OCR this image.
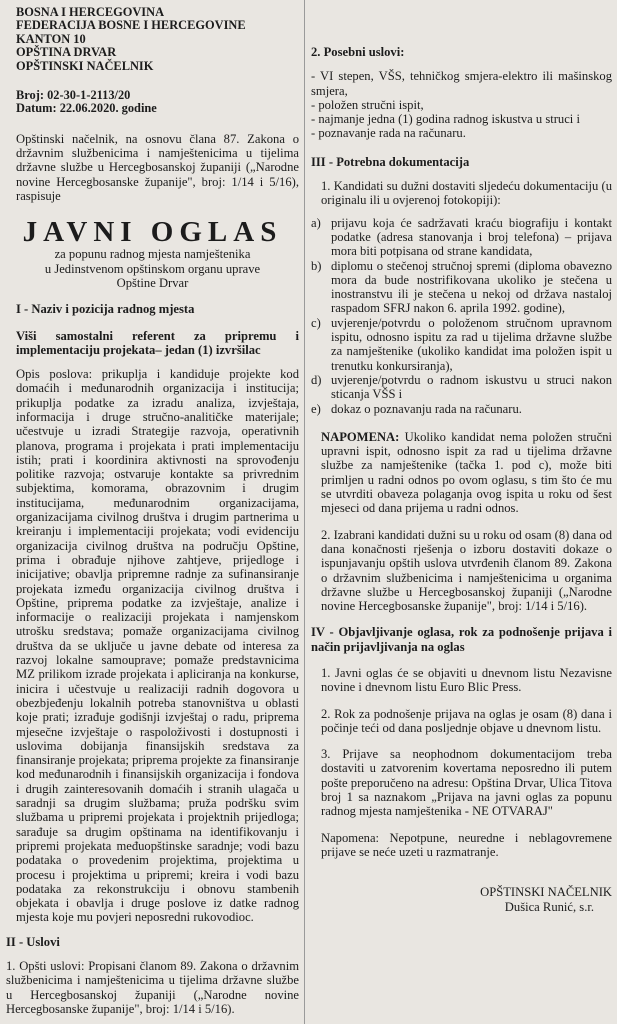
BOSNA I HERCEGOVINA
FEDERACIJA BOSNE I HERCEGOVINE
KANTON 10
OPŠTINA DRVAR
OPŠTINSKI NAČELNIK
Broj: 02-30-1-2113/20
Datum: 22.06.2020. godine

Opštinski načelnik, na osnovu člana 87. Zakona o državnim službenicima i namještenicima u tijelima državne službe u Hercegbosanskoj županiji („Narodne novine Hercegbosanske županije", broj: 1/14 i 5/16), raspisuje

JAVNI OGLAS
za popunu radnog mjesta namještenika
u Jedinstvenom opštinskom organu uprave
Opštine Drvar

I - Naziv i pozicija radnog mjesta

Viši samostalni referent za pripremu i implementaciju projekata– jedan (1) izvršilac

Opis poslova: prikuplja i kandiduje projekte kod domaćih i međunarodnih organizacija i institucija; prikuplja podatke za izradu analiza, izvještaja, informacija i druge stručno-analitičke materijale; učestvuje u izradi Strategije razvoja, operativnih planova, programa i projekata i prati implementaciju istih; prati i koordinira aktivnosti na sprovođenju politike razvoja; ostvaruje kontakte sa privrednim subjektima, komorama, obrazovnim i drugim institucijama, međunarodnim organizacijama, organizacijama civilnog društva i drugim partnerima u kreiranju i implementaciji projekata; vodi evidenciju organizacija civilnog društva na području Opštine, prima i obrađuje njihove zahtjeve, prijedloge i inicijative; obavlja pripremne radnje za sufinansiranje projekata između organizacija civilnog društva i Opštine, priprema podatke za izvještaje, analize i informacije o realizaciji projekata i namjenskom utrošku sredstava; pomaže organizacijama civilnog društva da se uključe u javne debate od interesa za razvoj lokalne samouprave; pomaže predstavnicima MZ prilikom izrade projekata i apliciranja na konkurse, inicira i učestvuje u realizaciji radnih dogovora u obezbjeđenju lokalnih potreba stanovništva u oblasti koje prati; izrađuje godišnji izvještaj o radu, priprema mjesečne izvještaje o raspoloživosti i dostupnosti i uslovima dobijanja finansijskih sredstava za finansiranje projekata; priprema projekte za finansiranje kod međunarodnih i finansijskih organizacija i fondova i drugih zainteresovanih domaćih i stranih ulagača u saradnji sa drugim službama; pruža podršku svim službama u pripremi projekata i projektnih prijedloga; sarađuje sa drugim opštinama na identifikovanju i pripremi projekata međuopštinske saradnje; vodi bazu podataka o provedenim projektima, projektima u procesu i projektima u pripremi; kreira i vodi bazu podataka za rekonstrukciju i obnovu stambenih objekata i obavlja i druge poslove iz datke radnog mjesta koje mu povjeri neposredni rukovodioc.

II - Uslovi

1. Opšti uslovi: Propisani članom 89. Zakona o državnim službenicima i namještenicima u tijelima državne službe u Hercegbosanskoj županiji („Narodne novine Hercegbosanske županije", broj: 1/14 i 5/16).

2. Posebni uslovi:

- VI stepen, VŠS, tehničkog smjera-elektro ili mašinskog smjera,

- položen stručni ispit,

- najmanje jedna (1) godina radnog iskustva u struci i

- poznavanje rada na računaru.

III - Potrebna dokumentacija

1. Kandidati su dužni dostaviti sljedeću dokumentaciju (u originalu ili u ovjerenoj fotokopiji):

a) prijavu koja će sadržavati kraću biografiju i kontakt podatke (adresa stanovanja i broj telefona) – prijava mora biti potpisana od strane kandidata,
b) diplomu o stečenoj stručnoj spremi (diploma obavezno mora da bude nostrifikovana ukoliko je stečena u inostranstvu ili je stečena u nekoj od država nastaloj raspadom SFRJ nakon 6. aprila 1992. godine),
c) uvjerenje/potvrdu o položenom stručnom upravnom ispitu, odnosno ispitu za rad u tijelima državne službe za namještenike (ukoliko kandidat ima položen ispit u trenutku konkursiranja),
d) uvjerenje/potvrdu o radnom iskustvu u struci nakon sticanja VŠS i
e) dokaz o poznavanju rada na računaru.

NAPOMENA: Ukoliko kandidat nema položen stručni upravni ispit, odnosno ispit za rad u tijelima državne službe za namještenike (tačka 1. pod c), može biti primljen u radni odnos po ovom oglasu, s tim što će mu se utvrditi obaveza polaganja ovog ispita u roku od šest mjeseci od dana prijema u radni odnos.

2. Izabrani kandidati dužni su u roku od osam (8) dana od dana konačnosti rješenja o izboru dostaviti dokaze o ispunjavanju opštih uslova utvrđenih članom 89. Zakona o državnim službenicima i namještenicima u organima državne službe u Hercegbosanskoj županiji („Narodne novine Hercegbosanske županije", broj: 1/14 i 5/16).

IV - Objavljivanje oglasa, rok za podnošenje prijava i način prijavljivanja na oglas

1. Javni oglas će se objaviti u dnevnom listu Nezavisne novine i dnevnom listu Euro Blic Press.

2. Rok za podnošenje prijava na oglas je osam (8) dana i počinje teći od dana posljednje objave u dnevnom listu.

3. Prijave sa neophodnom dokumentacijom treba dostaviti u zatvorenim kovertama neposredno ili putem pošte preporučeno na adresu: Opština Drvar, Ulica Titova broj 1 sa naznakom „Prijava na javni oglas za popunu radnog mjesta namještenika - NE OTVARAJ"

Napomena: Nepotpune, neuredne i neblagovremene prijave se neće uzeti u razmatranje.

OPŠTINSKI NAČELNIK
Dušica Runić, s.r.
